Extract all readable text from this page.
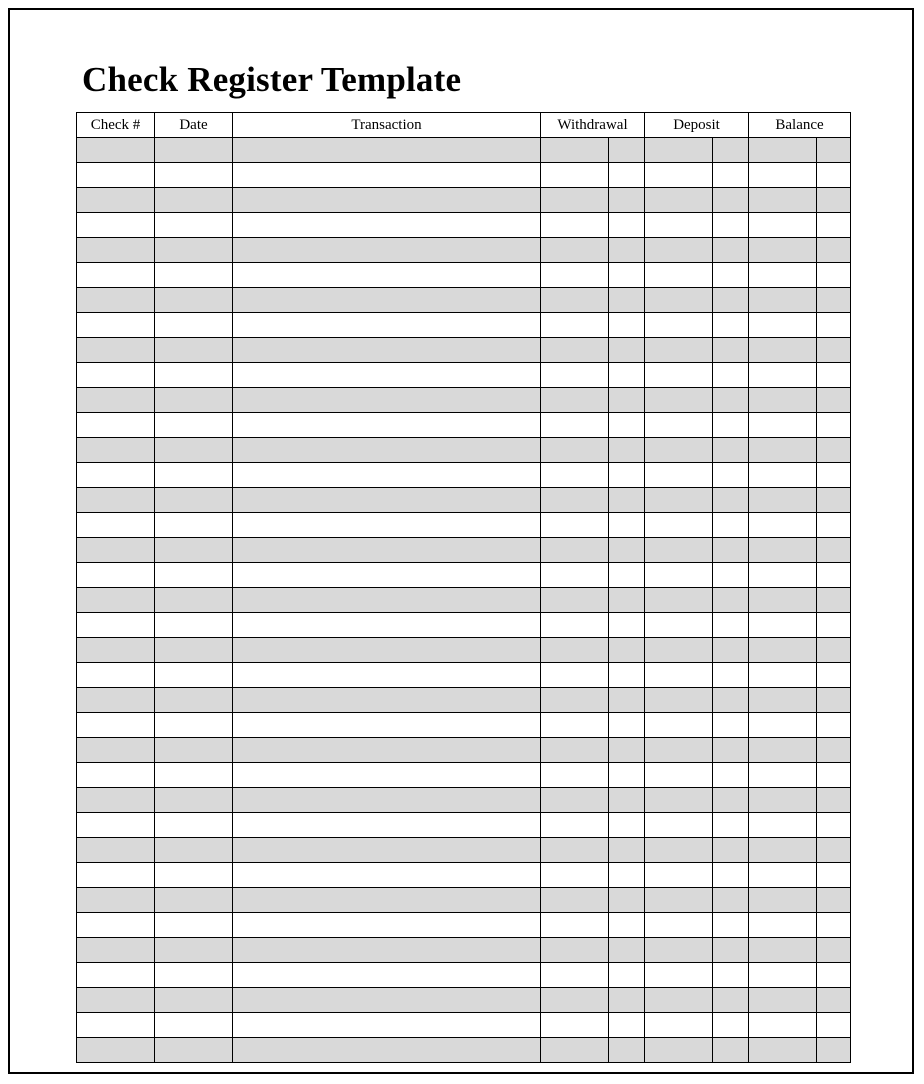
Check Register Template
Check #	Date	Transaction	Withdrawal		Deposit		Balance	
